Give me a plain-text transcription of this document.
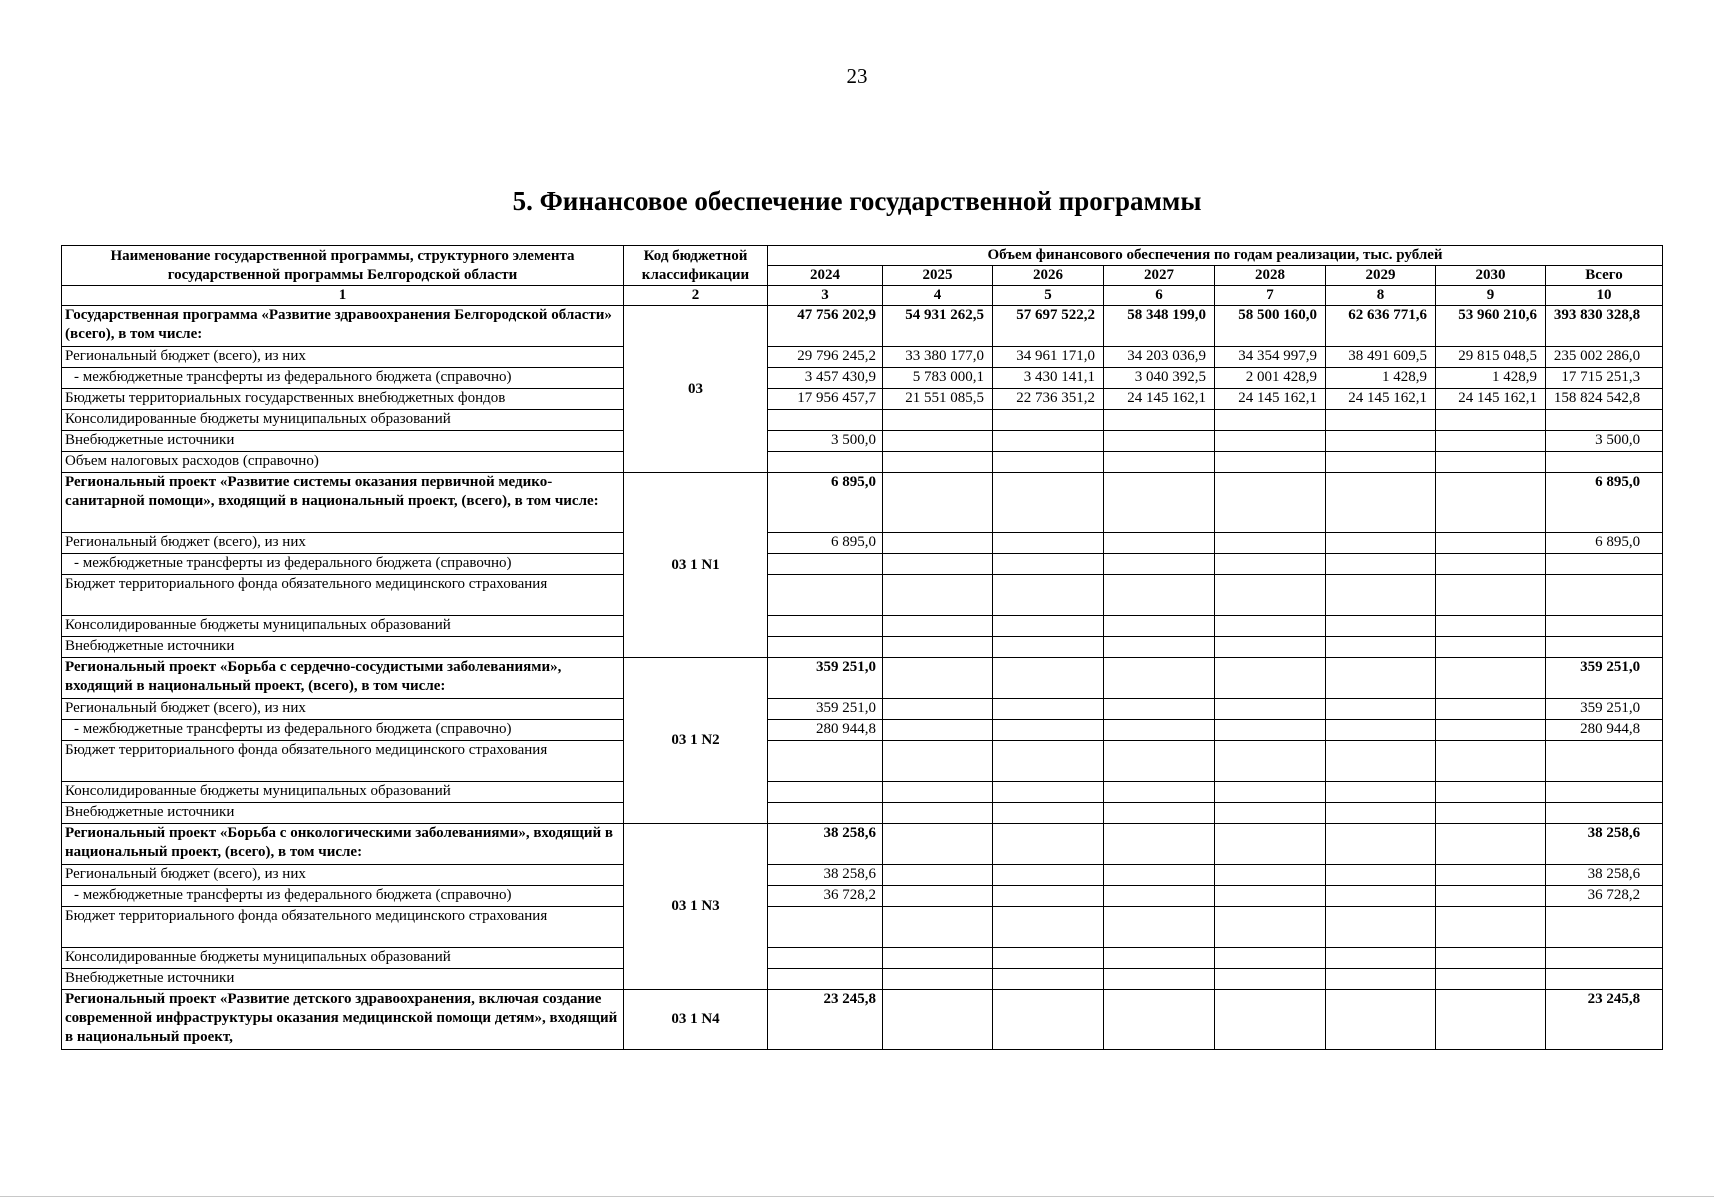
23
5. Финансовое обеспечение государственной программы
Наименование государственной программы, структурного элемента государственной программы Белгородской области	Код бюджетной классификации	Объем финансового обеспечения по годам реализации, тыс. рублей							
		2024	2025	2026	2027	2028	2029	2030	Всего
1	2	3	4	5	6	7	8	9	10
Государственная программа «Развитие здравоохранения Белгородской области» (всего), в том числе:	03	47 756 202,9	54 931 262,5	57 697 522,2	58 348 199,0	58 500 160,0	62 636 771,6	53 960 210,6	393 830 328,8
Региональный бюджет (всего), из них		29 796 245,2	33 380 177,0	34 961 171,0	34 203 036,9	34 354 997,9	38 491 609,5	29 815 048,5	235 002 286,0
- межбюджетные трансферты из федерального бюджета (справочно)		3 457 430,9	5 783 000,1	3 430 141,1	3 040 392,5	2 001 428,9	1 428,9	1 428,9	17 715 251,3
Бюджеты территориальных государственных внебюджетных фондов		17 956 457,7	21 551 085,5	22 736 351,2	24 145 162,1	24 145 162,1	24 145 162,1	24 145 162,1	158 824 542,8
Консолидированные бюджеты муниципальных образований									
Внебюджетные источники		3 500,0							3 500,0
Объем налоговых расходов (справочно)									
Региональный проект «Развитие системы оказания первичной медико-санитарной помощи», входящий в национальный проект, (всего), в том числе:	03 1 N1	6 895,0							6 895,0
Региональный бюджет (всего), из них		6 895,0							6 895,0
- межбюджетные трансферты из федерального бюджета (справочно)									
Бюджет территориального фонда обязательного медицинского страхования									
Консолидированные бюджеты муниципальных образований									
Внебюджетные источники									
Региональный проект «Борьба с сердечно-сосудистыми заболеваниями», входящий в национальный проект, (всего), в том числе:	03 1 N2	359 251,0							359 251,0
Региональный бюджет (всего), из них		359 251,0							359 251,0
- межбюджетные трансферты из федерального бюджета (справочно)		280 944,8							280 944,8
Бюджет территориального фонда обязательного медицинского страхования									
Консолидированные бюджеты муниципальных образований									
Внебюджетные источники									
Региональный проект «Борьба с онкологическими заболеваниями», входящий в национальный проект, (всего), в том числе:	03 1 N3	38 258,6							38 258,6
Региональный бюджет (всего), из них		38 258,6							38 258,6
- межбюджетные трансферты из федерального бюджета (справочно)		36 728,2							36 728,2
Бюджет территориального фонда обязательного медицинского страхования									
Консолидированные бюджеты муниципальных образований									
Внебюджетные источники									
Региональный проект «Развитие детского здравоохранения, включая создание современной инфраструктуры оказания медицинской помощи детям», входящий в национальный проект,	03 1 N4	23 245,8							23 245,8
